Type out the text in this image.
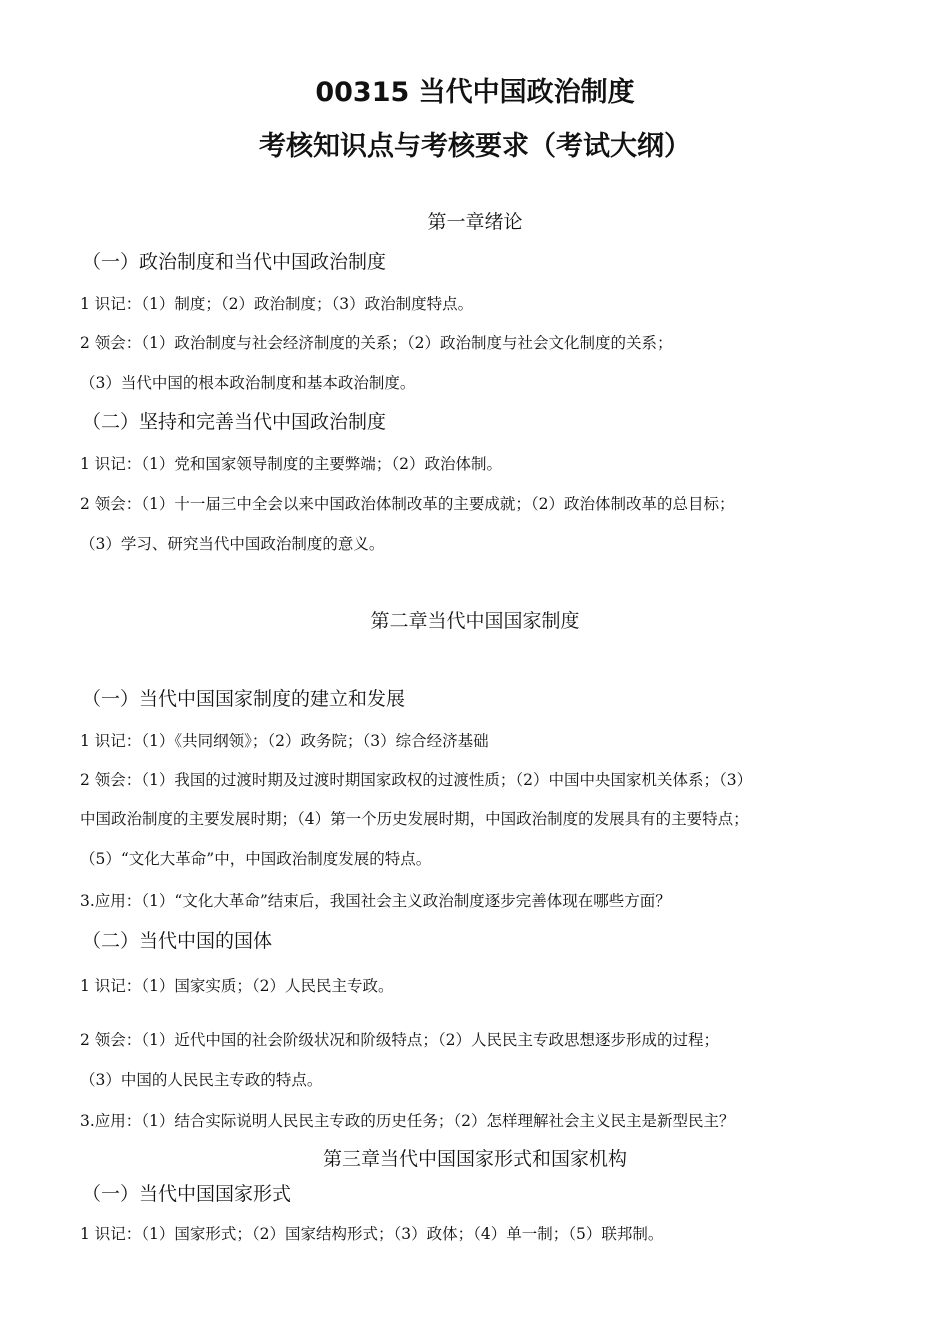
00315 当代中国政治制度
考核知识点与考核要求（考试大纲）
第一章绪论
（一）政治制度和当代中国政治制度
1 识记：（1）制度；（2）政治制度；（3）政治制度特点。
2 领会：（1）政治制度与社会经济制度的关系；（2）政治制度与社会文化制度的关系；
（3）当代中国的根本政治制度和基本政治制度。
（二）坚持和完善当代中国政治制度
1 识记：（1）党和国家领导制度的主要弊端；（2）政治体制。
2 领会：（1）十一届三中全会以来中国政治体制改革的主要成就；（2）政治体制改革的总目标；
（3）学习、研究当代中国政治制度的意义。
第二章当代中国国家制度
（一）当代中国国家制度的建立和发展
1 识记：（1）《共同纲领》；（2）政务院；（3）综合经济基础
2 领会：（1）我国的过渡时期及过渡时期国家政权的过渡性质；（2）中国中央国家机关体系；（3）
中国政治制度的主要发展时期；（4）第一个历史发展时期，中国政治制度的发展具有的主要特点；
（5）“文化大革命”中，中国政治制度发展的特点。
3.应用：（1）“文化大革命”结束后，我国社会主义政治制度逐步完善体现在哪些方面？
（二）当代中国的国体
1 识记：（1）国家实质；（2）人民民主专政。
2 领会：（1）近代中国的社会阶级状况和阶级特点；（2）人民民主专政思想逐步形成的过程；
（3）中国的人民民主专政的特点。
3.应用：（1）结合实际说明人民民主专政的历史任务；（2）怎样理解社会主义民主是新型民主？
第三章当代中国国家形式和国家机构
（一）当代中国国家形式
1 识记：（1）国家形式；（2）国家结构形式；（3）政体；（4）单一制；（5）联邦制。
